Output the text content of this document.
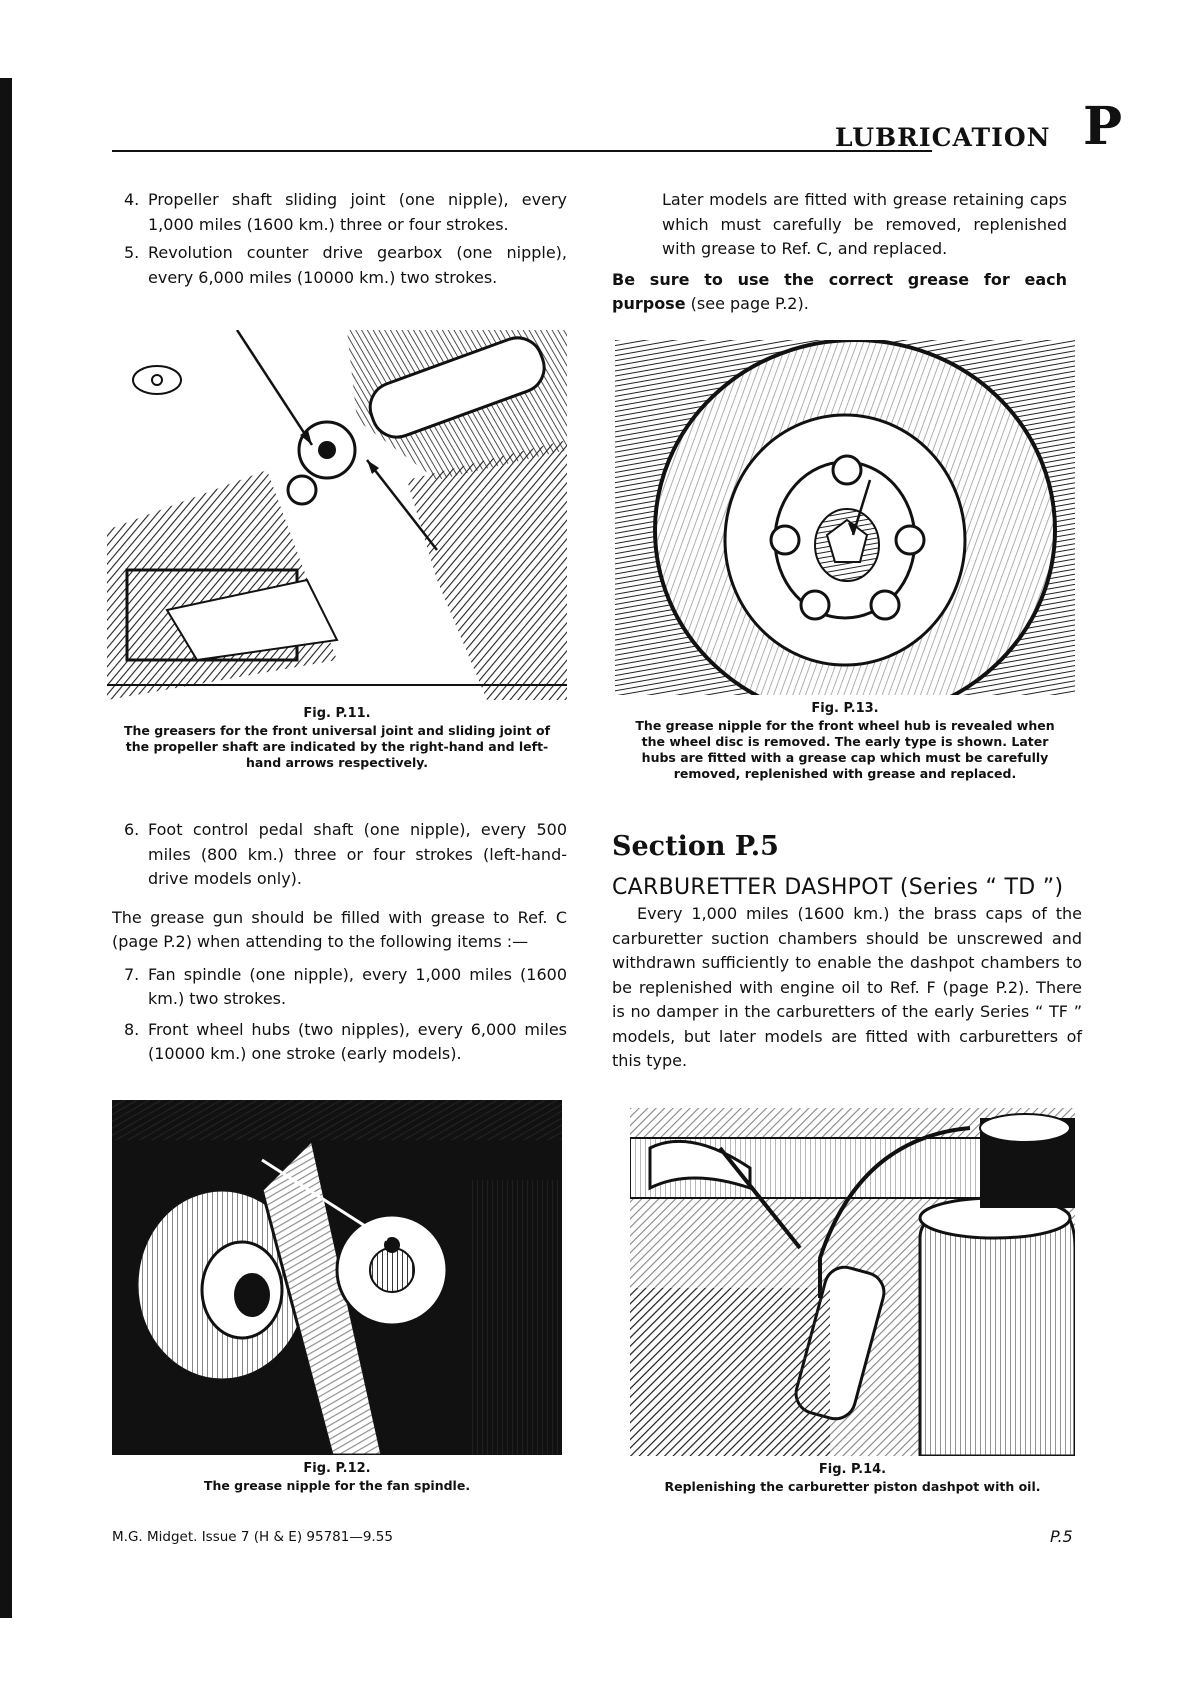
LUBRICATION P
4. Propeller shaft sliding joint (one nipple), every 1,000 miles (1600 km.) three or four strokes.
5. Revolution counter drive gearbox (one nipple), every 6,000 miles (10000 km.) two strokes.
Fig. P.11.
The greasers for the front universal joint and sliding joint of the propeller shaft are indicated by the right-hand and left-hand arrows respectively.
6. Foot control pedal shaft (one nipple), every 500 miles (800 km.) three or four strokes (left-hand-drive models only).
The grease gun should be filled with grease to Ref. C (page P.2) when attending to the following items :—
7. Fan spindle (one nipple), every 1,000 miles (1600 km.) two strokes.
8. Front wheel hubs (two nipples), every 6,000 miles (10000 km.) one stroke (early models).
Fig. P.12.
The grease nipple for the fan spindle.
Later models are fitted with grease retaining caps which must carefully be removed, replenished with grease to Ref. C, and replaced.
Be sure to use the correct grease for each purpose (see page P.2).
Fig. P.13.
The grease nipple for the front wheel hub is revealed when the wheel disc is removed. The early type is shown. Later hubs are fitted with a grease cap which must be carefully removed, replenished with grease and replaced.
Section P.5
CARBURETTER DASHPOT (Series “ TD ”)
Every 1,000 miles (1600 km.) the brass caps of the carburetter suction chambers should be unscrewed and withdrawn sufficiently to enable the dashpot chambers to be replenished with engine oil to Ref. F (page P.2). There is no damper in the carburetters of the early Series “ TF ” models, but later models are fitted with carburetters of this type.
Fig. P.14.
Replenishing the carburetter piston dashpot with oil.
M.G. Midget. Issue 7 (H & E) 95781—9.55	P.5
